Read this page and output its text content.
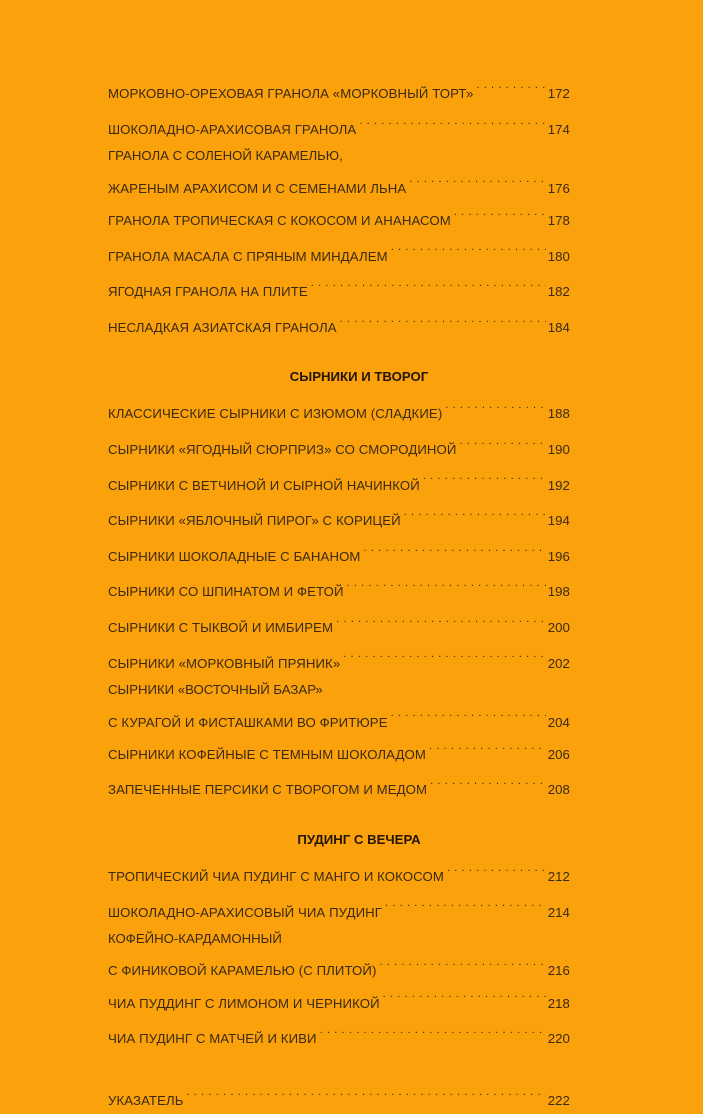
МОРКОВНО-ОРЕХОВАЯ ГРАНОЛА «МОРКОВНЫЙ ТОРТ» . . .	172
ШОКОЛАДНО-АРАХИСОВАЯ ГРАНОЛА . . .	174
ГРАНОЛА С СОЛЕНОЙ КАРАМЕЛЬЮ,
ЖАРЕНЫМ АРАХИСОМ И С СЕМЕНАМИ ЛЬНА . . .	176
ГРАНОЛА ТРОПИЧЕСКАЯ С КОКОСОМ И АНАНАСОМ . . .	178
ГРАНОЛА МАСАЛА С ПРЯНЫМ МИНДАЛЕМ . . .	180
ЯГОДНАЯ ГРАНОЛА НА ПЛИТЕ . . .	182
НЕСЛАДКАЯ АЗИАТСКАЯ ГРАНОЛА . . .	184
СЫРНИКИ И ТВОРОГ
КЛАССИЧЕСКИЕ СЫРНИКИ С ИЗЮМОМ (СЛАДКИЕ) . . .	188
СЫРНИКИ «ЯГОДНЫЙ СЮРПРИЗ» СО СМОРОДИНОЙ . . .	190
СЫРНИКИ С ВЕТЧИНОЙ И СЫРНОЙ НАЧИНКОЙ . . .	192
СЫРНИКИ «ЯБЛОЧНЫЙ ПИРОГ» С КОРИЦЕЙ . . .	194
СЫРНИКИ ШОКОЛАДНЫЕ С БАНАНОМ . . .	196
СЫРНИКИ СО ШПИНАТОМ И ФЕТОЙ . . .	198
СЫРНИКИ С ТЫКВОЙ И ИМБИРЕМ . . .	200
СЫРНИКИ «МОРКОВНЫЙ ПРЯНИК» . . .	202
СЫРНИКИ «ВОСТОЧНЫЙ БАЗАР»
С КУРАГОЙ И ФИСТАШКАМИ ВО ФРИТЮРЕ . . .	204
СЫРНИКИ КОФЕЙНЫЕ С ТЕМНЫМ ШОКОЛАДОМ . . .	206
ЗАПЕЧЕННЫЕ ПЕРСИКИ С ТВОРОГОМ И МЕДОМ . . .	208
ПУДИНГ С ВЕЧЕРА
ТРОПИЧЕСКИЙ ЧИА ПУДИНГ С МАНГО И КОКОСОМ . . .	212
ШОКОЛАДНО-АРАХИСОВЫЙ ЧИА ПУДИНГ . . .	214
КОФЕЙНО-КАРДАМОННЫЙ
С ФИНИКОВОЙ КАРАМЕЛЬЮ (С ПЛИТОЙ) . . .	216
ЧИА ПУДДИНГ С ЛИМОНОМ И ЧЕРНИКОЙ . . .	218
ЧИА ПУДИНГ С МАТЧЕЙ И КИВИ . . .	220
УКАЗАТЕЛЬ . . .	222
